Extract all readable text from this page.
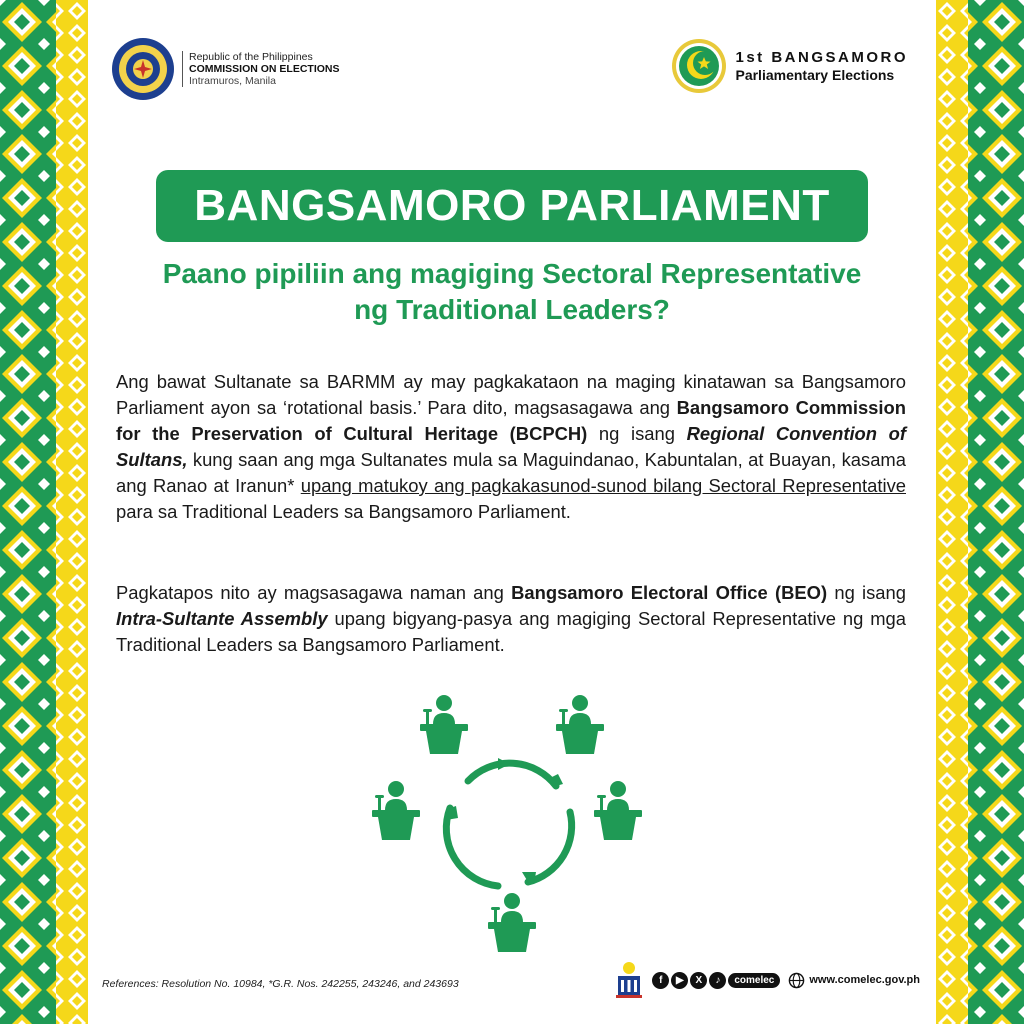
Republic of the Philippines
COMMISSION ON ELECTIONS
Intramuros, Manila
1st BANGSAMORO
Parliamentary Elections
BANGSAMORO PARLIAMENT
Paano pipiliin ang magiging Sectoral Representative
ng Traditional Leaders?

Ang bawat Sultanate sa BARMM ay may pagkakataon na maging kinatawan sa Bangsamoro Parliament ayon sa ‘rotational basis.’ Para dito, magsasagawa ang Bangsamoro Commission for the Preservation of Cultural Heritage (BCPCH) ng isang Regional Convention of Sultans, kung saan ang mga Sultanates mula sa Maguindanao, Kabuntalan, at Buayan, kasama ang Ranao at Iranun* upang matukoy ang pagkakasunod-sunod bilang Sectoral Representative para sa Traditional Leaders sa Bangsamoro Parliament.

Pagkatapos nito ay magsasagawa naman ang Bangsamoro Electoral Office (BEO) ng isang Intra-Sultante Assembly upang bigyang-pasya ang magiging Sectoral Representative ng mga Traditional Leaders sa Bangsamoro Parliament.

References: Resolution No. 10984, *G.R. Nos. 242255, 243246, and 243693	f	▶	X	♪	comelec	www.comelec.gov.ph
